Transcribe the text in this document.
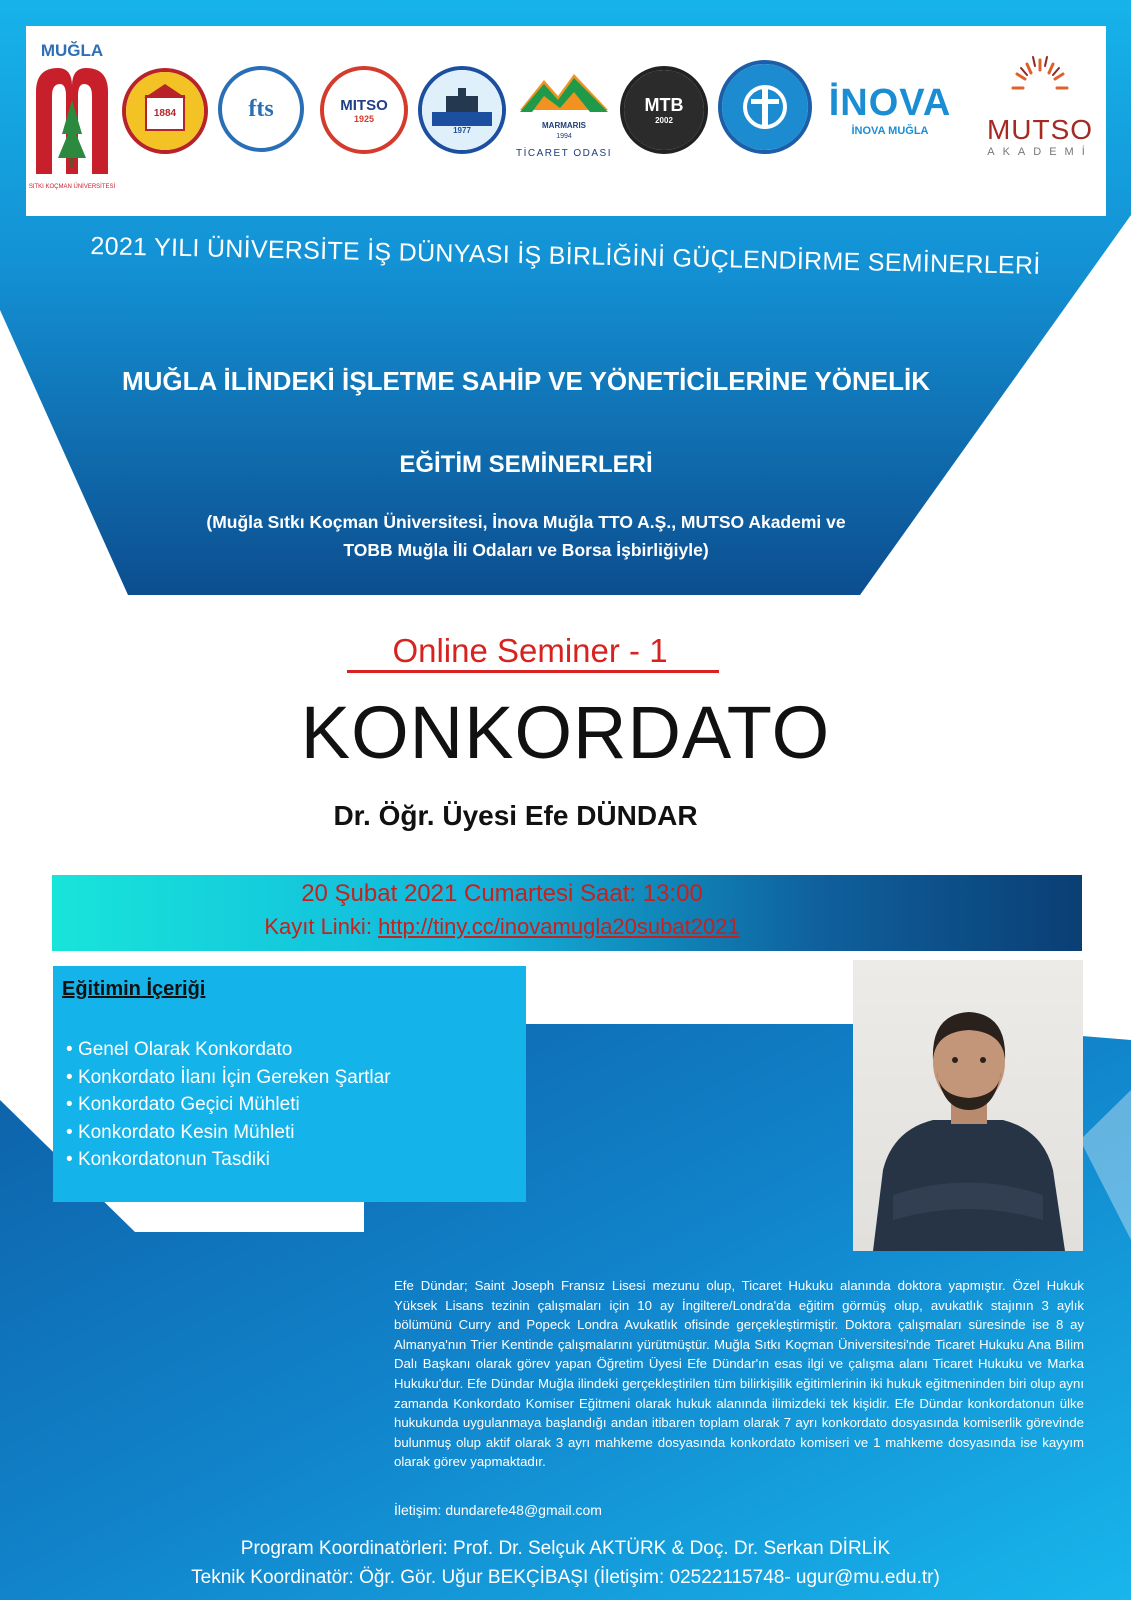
MUĞLA
SITKI KOÇMAN ÜNİVERSİTESİ
1884	fts	MITSO
1925
1977	MARMARIS
1994
TİCARET ODASI
MTB
2002	İNOVA
İNOVA MUĞLA MUTSO
AKADEMİ
2021 YILI ÜNİVERSİTE İŞ DÜNYASI İŞ BİRLİĞİNİ GÜÇLENDİRME SEMİNERLERİ
MUĞLA İLİNDEKİ İŞLETME SAHİP VE YÖNETİCİLERİNE YÖNELİK
EĞİTİM SEMİNERLERİ
(Muğla Sıtkı Koçman Üniversitesi, İnova Muğla TTO A.Ş., MUTSO Akademi ve
TOBB Muğla İli Odaları ve Borsa İşbirliğiyle)
Online Seminer - 1
KONKORDATO
Dr. Öğr. Üyesi Efe DÜNDAR
20 Şubat 2021 Cumartesi Saat: 13:00
Kayıt Linki: http://tiny.cc/inovamugla20subat2021
Eğitimin İçeriği
• Genel Olarak Konkordato
• Konkordato İlanı İçin Gereken Şartlar
• Konkordato Geçici Mühleti
• Konkordato Kesin Mühleti
• Konkordatonun Tasdiki
Efe Dündar; Saint Joseph Fransız Lisesi mezunu olup, Ticaret Hukuku alanında doktora yapmıştır. Özel Hukuk Yüksek Lisans tezinin çalışmaları için 10 ay İngiltere/Londra'da eğitim görmüş olup, avukatlık stajının 3 aylık bölümünü Curry and Popeck Londra Avukatlık ofisinde gerçekleştirmiştir. Doktora çalışmaları süresinde ise 8 ay Almanya'nın Trier Kentinde çalışmalarını yürütmüştür. Muğla Sıtkı Koçman Üniversitesi'nde Ticaret Hukuku Ana Bilim Dalı Başkanı olarak görev yapan Öğretim Üyesi Efe Dündar'ın esas ilgi ve çalışma alanı Ticaret Hukuku ve Marka Hukuku'dur. Efe Dündar Muğla ilindeki gerçekleştirilen tüm bilirkişilik eğitimlerinin iki hukuk eğitmeninden biri olup aynı zamanda Konkordato Komiser Eğitmeni olarak hukuk alanında ilimizdeki tek kişidir. Efe Dündar konkordatonun ülke hukukunda uygulanmaya başlandığı andan itibaren toplam olarak 7 ayrı konkordato dosyasında komiserlik görevinde bulunmuş olup aktif olarak 3 ayrı mahkeme dosyasında konkordato komiseri ve 1 mahkeme dosyasında ise kayyım olarak görev yapmaktadır.
İletişim: dundarefe48@gmail.com
Program Koordinatörleri: Prof. Dr. Selçuk AKTÜRK & Doç. Dr. Serkan DİRLİK
Teknik Koordinatör: Öğr. Gör. Uğur BEKÇİBAŞI (İletişim: 02522115748- ugur@mu.edu.tr)
